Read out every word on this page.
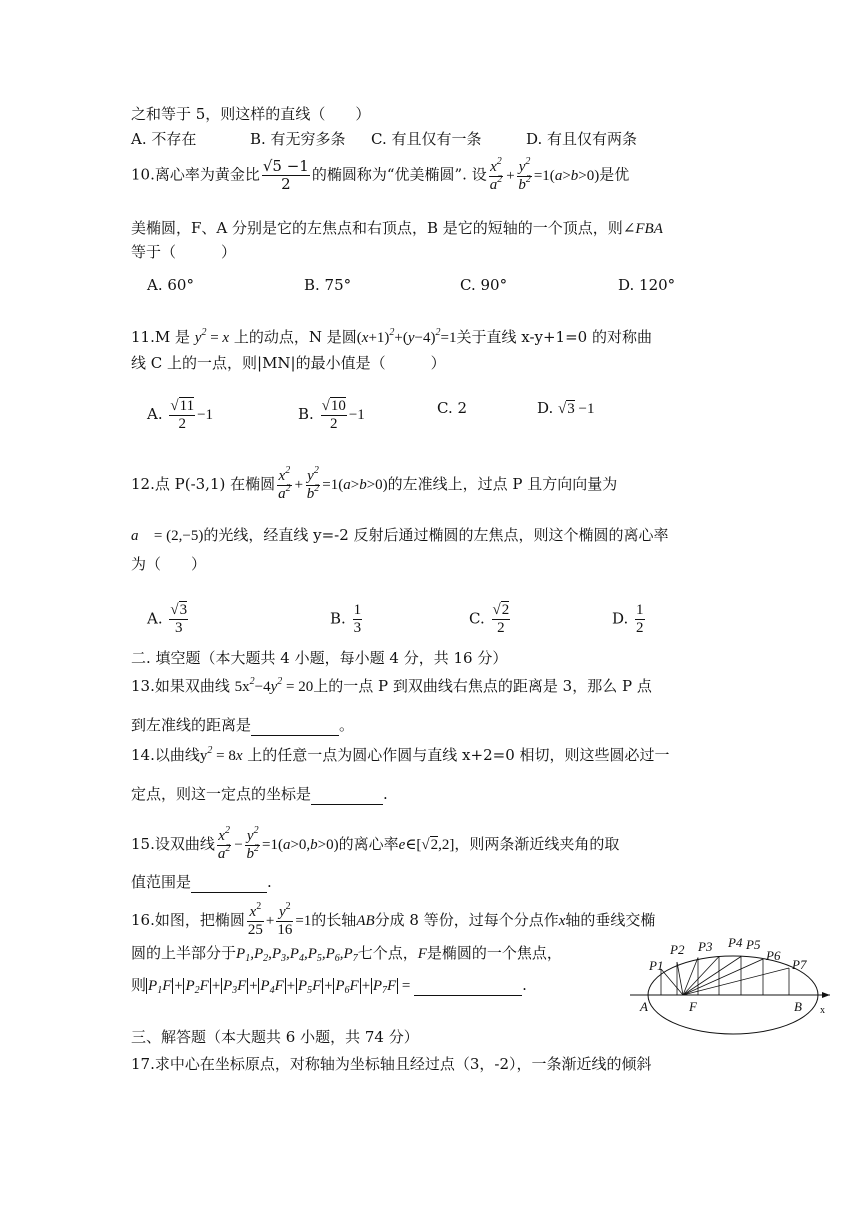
之和等于 5，则这样的直线（　　）
A. 不存在	B. 有无穷多条 C. 有且仅有一条	D. 有且仅有两条
10.离心率为黄金比 $\frac{√5 -1}{2}$ 的椭圆称为“优美椭圆”. 设 $\frac{x^2}{a^2} + \frac{y^2}{b^2} =1(a>b>0)$是优
美椭圆，F、A 分别是它的左焦点和右顶点，B 是它的短轴的一个顶点，则∠FBA
等于（　　　）
A. 60°	B. 75°	C. 90°	D. 120°
11.M 是 $y^2 = x$ 上的动点，N 是圆$(x+1)^2+(y-4)^2=1$关于直线 x-y+1=0 的对称曲
线 C 上的一点，则|MN|的最小值是（　　　）
A. $\frac{√11}{2} -1$	B. $\frac{√10}{2} -1$	C. 2	D. √3 −1
12.点 P(-3,1) 在椭圆 $\frac{x^2}{a^2} + \frac{y^2}{b^2} =1(a>b>0)$的左准线上，过点 P 且方向向量为
a⃗ = (2,−5)的光线，经直线 y=-2 反射后通过椭圆的左焦点，则这个椭圆的离心率
为（　　）
A. $\frac{√3}{3}$	B. $\frac{1}{3}$	C. $\frac{√2}{2}$	D. $\frac{1}{2}$
二. 填空题（本大题共 4 小题，每小题 4 分，共 16 分）
13.如果双曲线 $5x^2-4y^2 = 20$上的一点 P 到双曲线右焦点的距离是 3，那么 P 点
到左准线的距离是	。
14.以曲线$y^2 = 8x$ 上的任意一点为圆心作圆与直线 x+2=0 相切，则这些圆必过一
定点，则这一定点的坐标是	.
15.设双曲线 $\frac{x^2}{a^2} - \frac{y^2}{b^2} =1(a>0,b>0)$的离心率e∈[√2,2]，则两条渐近线夹角的取
值范围是	.
16.如图，把椭圆 $\frac{x^2}{25} + \frac{y^2}{16} =1$的长轴AB分成 8 等份，过每个分点作x轴的垂线交椭
圆的上半部分于$P_1,P_2,P_3,P_4,P_5,P_6,P_7$七个点，F是椭圆的一个焦点，
则 $P_1F + P_2F + P_3F + P_4F + P_5F + P_6F + P_7F$ =	.
P1
P2 P3 P4 P5
P6
P7
A	F	B x
三、解答题（本大题共 6 小题，共 74 分）
17.求中心在坐标原点，对称轴为坐标轴且经过点（3，-2），一条渐近线的倾斜
